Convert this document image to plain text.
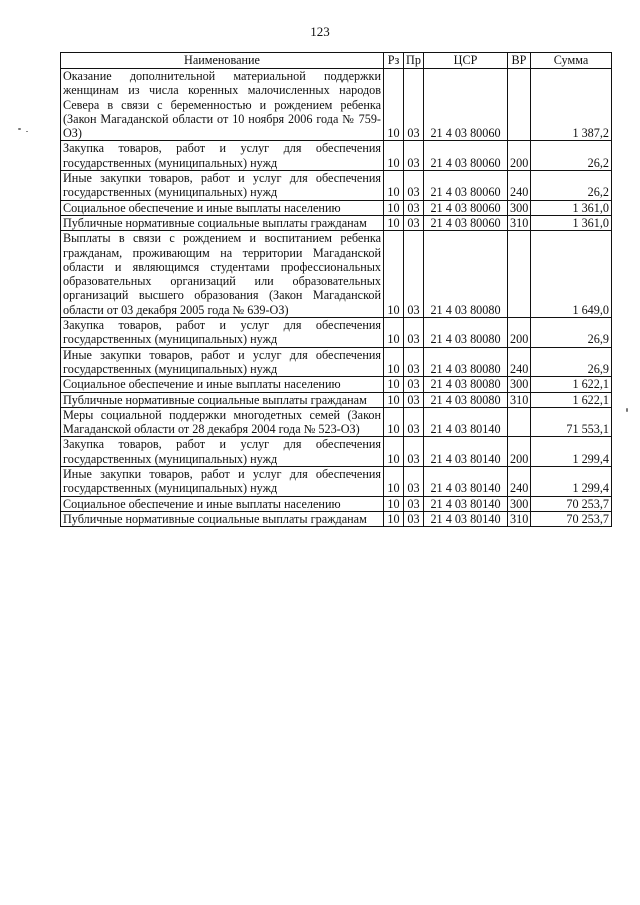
123
Наименование	Рз	Пр	ЦСР	ВР	Сумма
Оказание дополнительной материальной поддержки женщинам из числа коренных малочисленных народов Севера в связи с беременностью и рождением ребенка (Закон Магаданской области от 10 ноября 2006 года № 759-ОЗ)	10	03	21 4 03 80060		1 387,2
Закупка товаров, работ и услуг для обеспечения государственных (муниципальных) нужд	10	03	21 4 03 80060	200	26,2
Иные закупки товаров, работ и услуг для обеспечения государственных (муниципальных) нужд	10	03	21 4 03 80060	240	26,2
Социальное обеспечение и иные выплаты населению	10	03	21 4 03 80060	300	1 361,0
Публичные нормативные социальные выплаты гражданам	10	03	21 4 03 80060	310	1 361,0
Выплаты в связи с рождением и воспитанием ребенка гражданам, проживающим на территории Магаданской области и являющимся студентами профессиональных образовательных организаций или образовательных организаций высшего образования (Закон Магаданской области от 03 декабря 2005 года № 639-ОЗ)	10	03	21 4 03 80080		1 649,0
Закупка товаров, работ и услуг для обеспечения государственных (муниципальных) нужд	10	03	21 4 03 80080	200	26,9
Иные закупки товаров, работ и услуг для обеспечения государственных (муниципальных) нужд	10	03	21 4 03 80080	240	26,9
Социальное обеспечение и иные выплаты населению	10	03	21 4 03 80080	300	1 622,1
Публичные нормативные социальные выплаты гражданам	10	03	21 4 03 80080	310	1 622,1
Меры социальной поддержки многодетных семей (Закон Магаданской области от 28 декабря 2004 года № 523-ОЗ)	10	03	21 4 03 80140		71 553,1
Закупка товаров, работ и услуг для обеспечения государственных (муниципальных) нужд	10	03	21 4 03 80140	200	1 299,4
Иные закупки товаров, работ и услуг для обеспечения государственных (муниципальных) нужд	10	03	21 4 03 80140	240	1 299,4
Социальное обеспечение и иные выплаты населению	10	03	21 4 03 80140	300	70 253,7
Публичные нормативные социальные выплаты гражданам	10	03	21 4 03 80140	310	70 253,7
